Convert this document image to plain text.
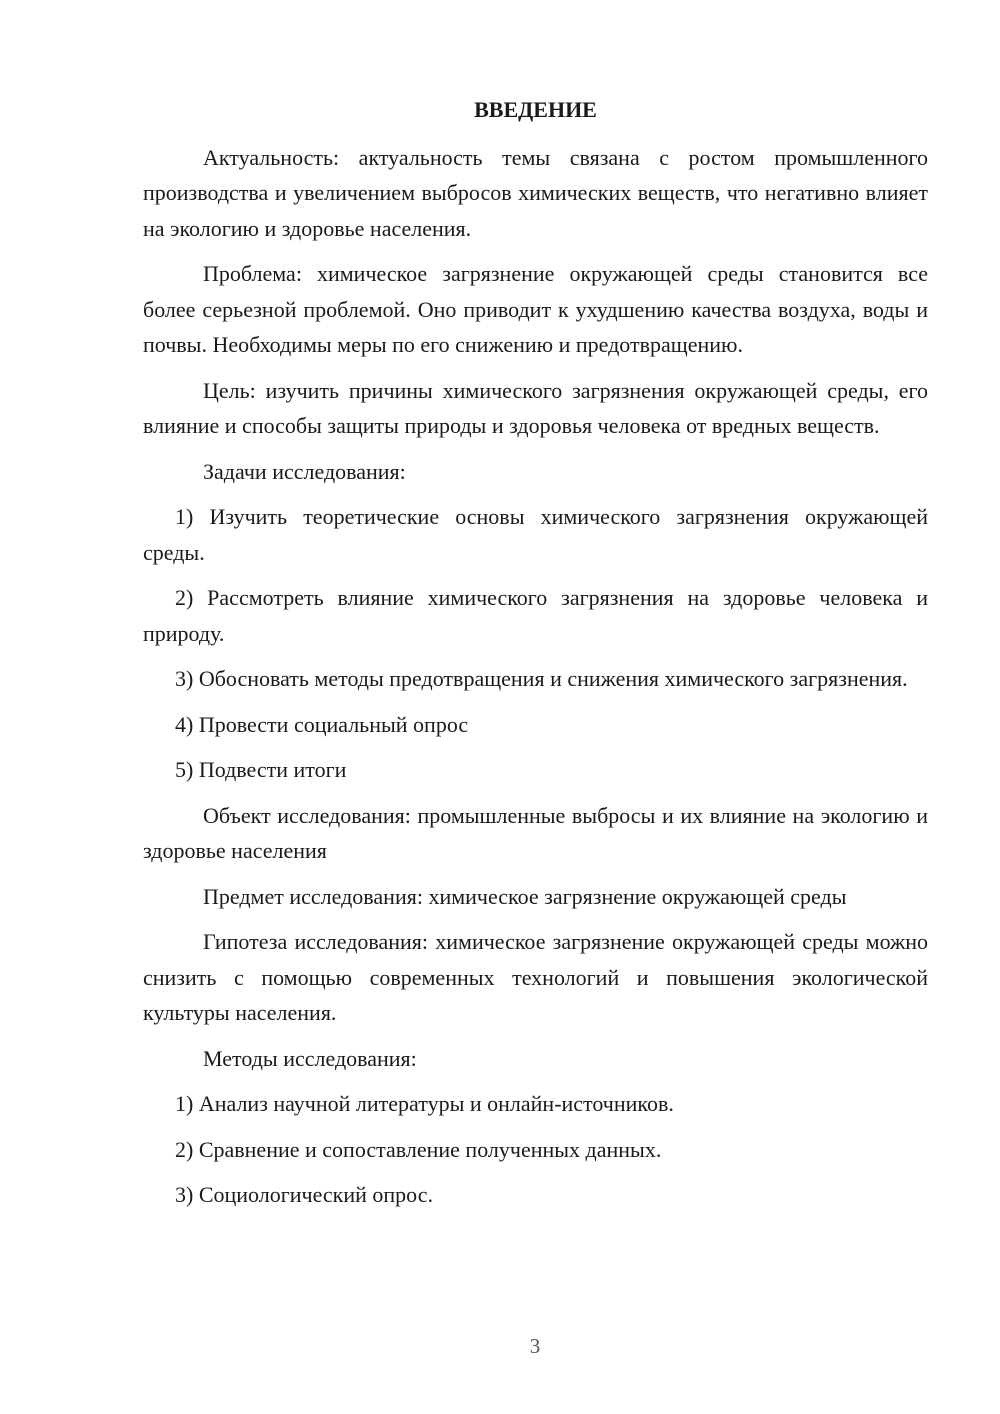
ВВЕДЕНИЕ

Актуальность: актуальность темы связана с ростом промышленного производства и увеличением выбросов химических веществ, что негативно влияет на экологию и здоровье населения.

Проблема: химическое загрязнение окружающей среды становится все более серьезной проблемой. Оно приводит к ухудшению качества воздуха, воды и почвы. Необходимы меры по его снижению и предотвращению.

Цель: изучить причины химического загрязнения окружающей среды, его влияние и способы защиты природы и здоровья человека от вредных веществ.

Задачи исследования:

1) Изучить теоретические основы химического загрязнения окружающей среды.

2) Рассмотреть влияние химического загрязнения на здоровье человека и природу.

3) Обосновать методы предотвращения и снижения химического загрязнения.

4) Провести социальный опрос

5) Подвести итоги

Объект исследования: промышленные выбросы и их влияние на экологию и здоровье населения

Предмет исследования: химическое загрязнение окружающей среды

Гипотеза исследования: химическое загрязнение окружающей среды можно снизить с помощью современных технологий и повышения экологической культуры населения.

Методы исследования:

1) Анализ научной литературы и онлайн-источников.

2) Сравнение и сопоставление полученных данных.

3) Социологический опрос.

3
